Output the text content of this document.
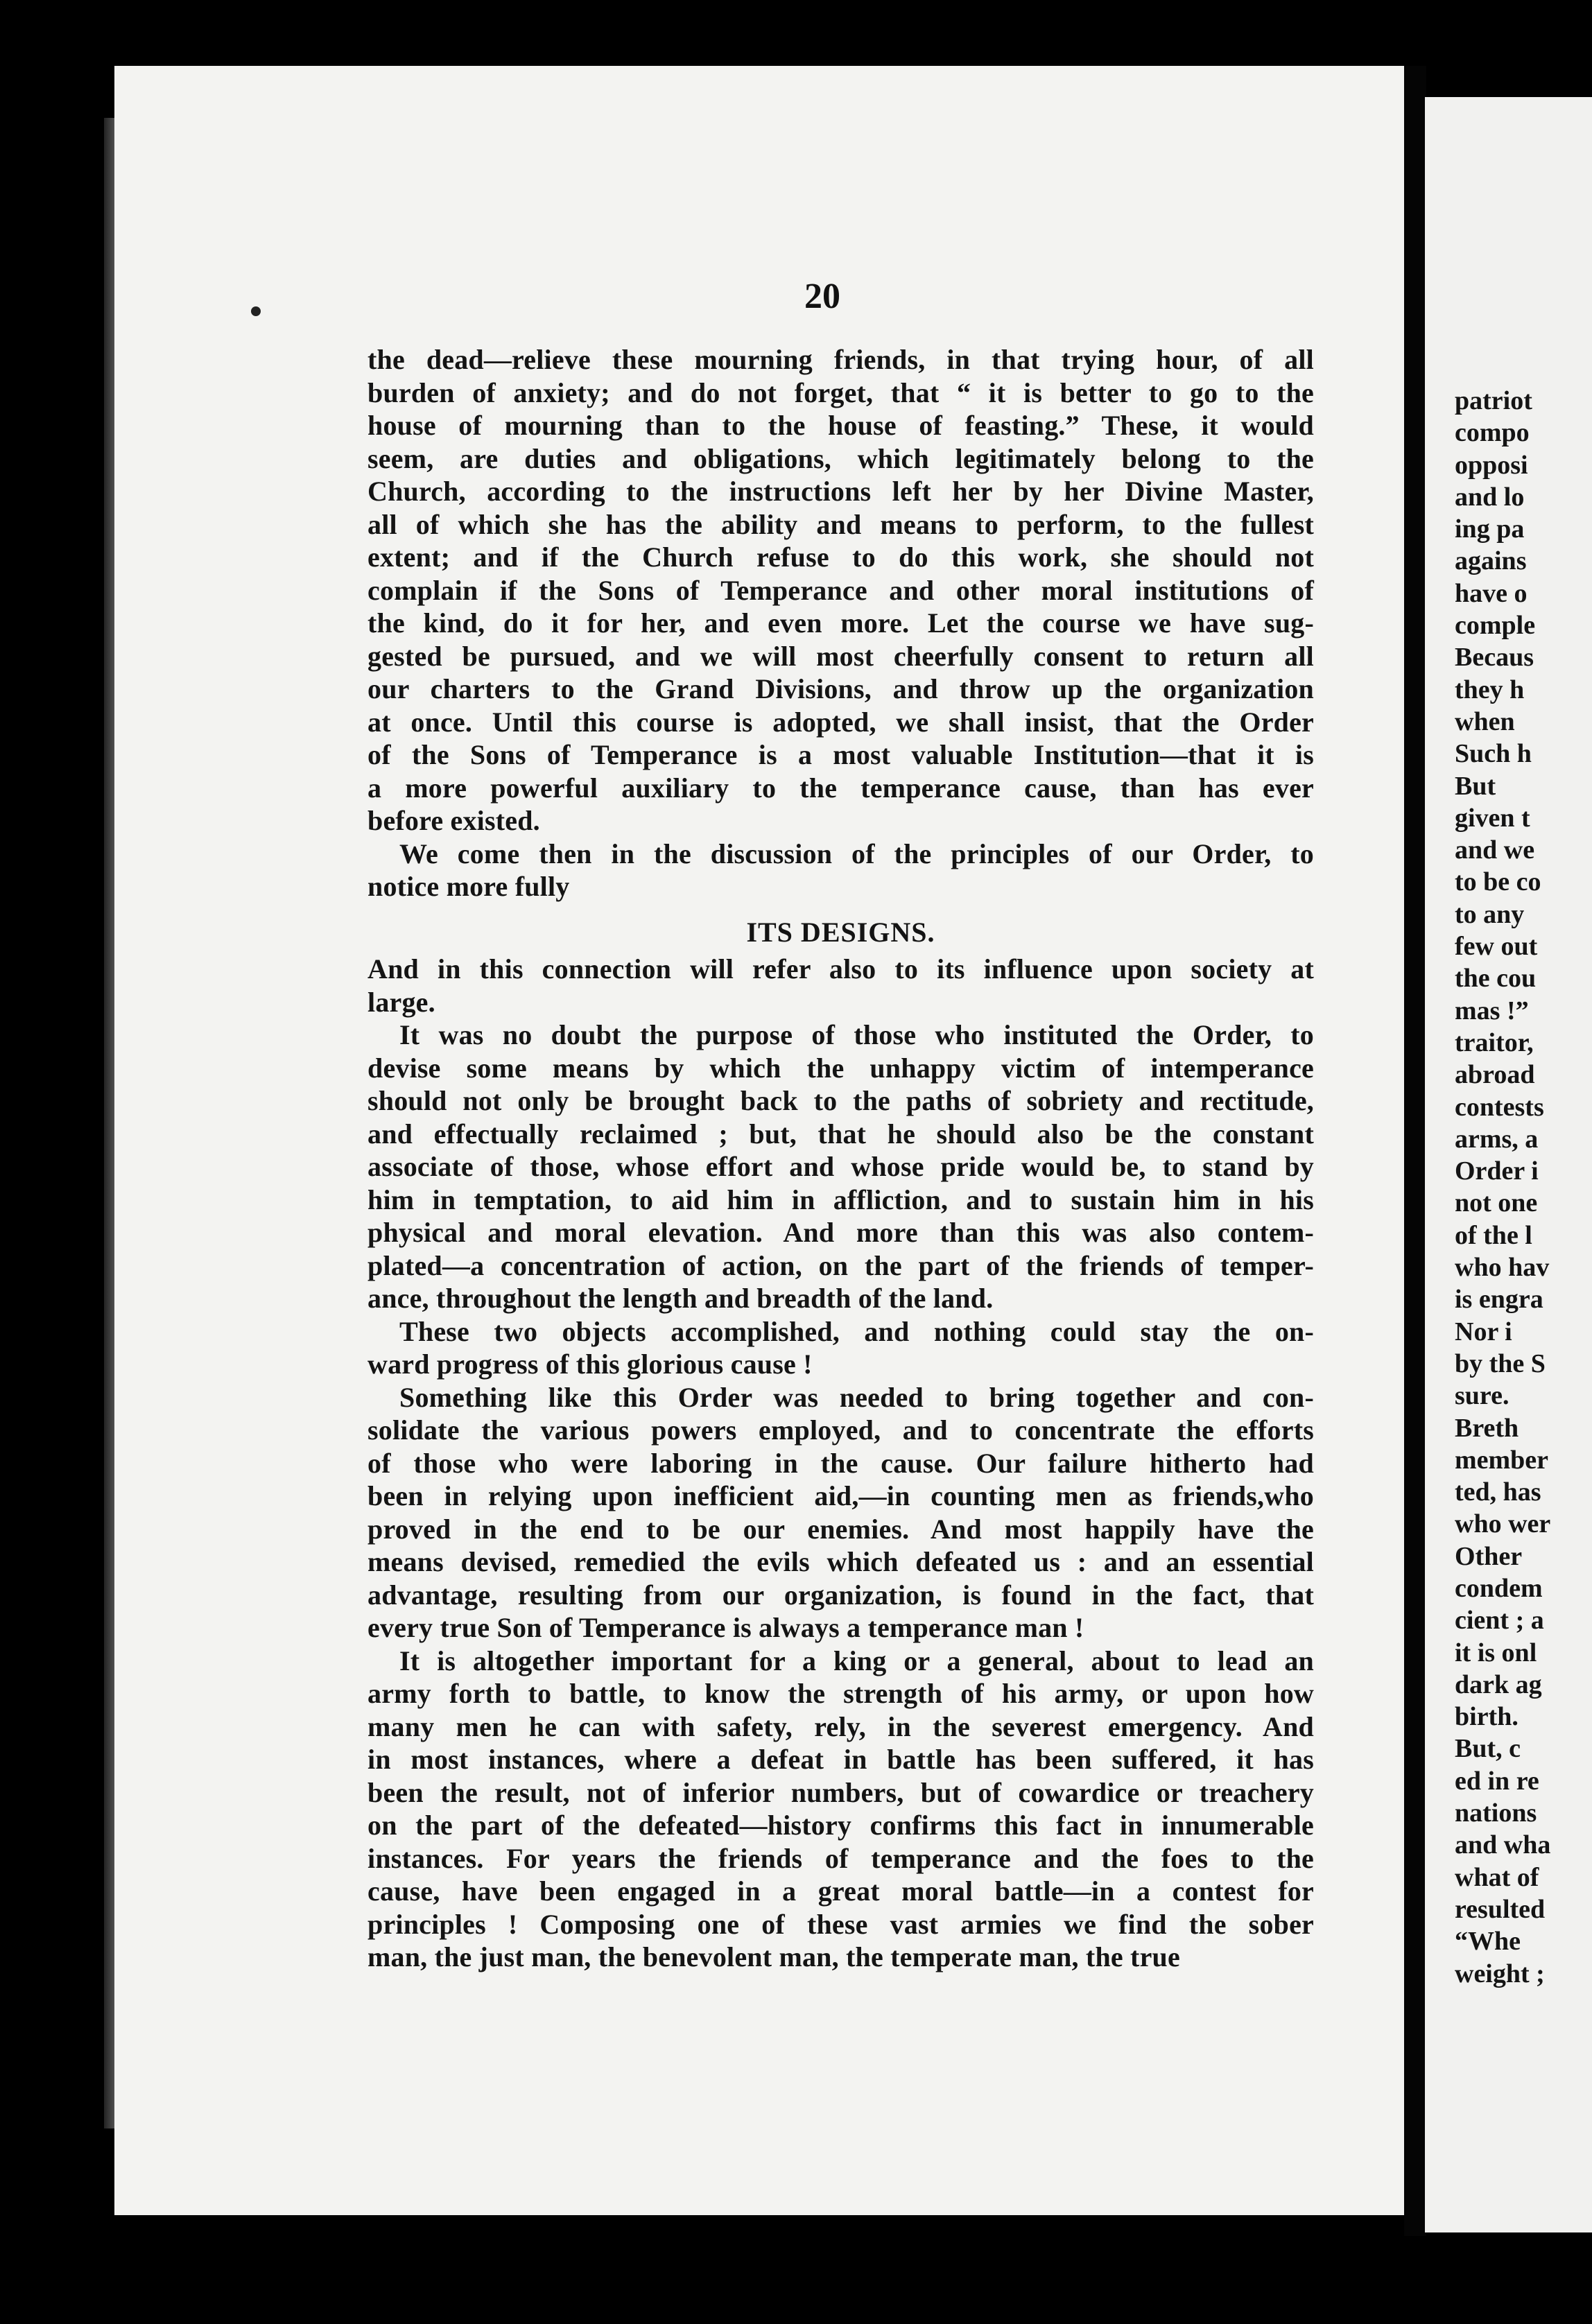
20
the dead—relieve these mourning friends, in that trying hour, of all
burden of anxiety; and do not forget, that “ it is better to go to the
house of mourning than to the house of feasting.” These, it would
seem, are duties and obligations, which legitimately belong to the
Church, according to the instructions left her by her Divine Master,
all of which she has the ability and means to perform, to the fullest
extent; and if the Church refuse to do this work, she should not
complain if the Sons of Temperance and other moral institutions of
the kind, do it for her, and even more. Let the course we have sug-
gested be pursued, and we will most cheerfully consent to return all
our charters to the Grand Divisions, and throw up the organization
at once. Until this course is adopted, we shall insist, that the Order
of the Sons of Temperance is a most valuable Institution—that it is
a more powerful auxiliary to the temperance cause, than has ever
before existed.
We come then in the discussion of the principles of our Order, to
notice more fully
ITS DESIGNS.
And in this connection will refer also to its influence upon society at
large.
It was no doubt the purpose of those who instituted the Order, to
devise some means by which the unhappy victim of intemperance
should not only be brought back to the paths of sobriety and rectitude,
and effectually reclaimed ; but, that he should also be the constant
associate of those, whose effort and whose pride would be, to stand by
him in temptation, to aid him in affliction, and to sustain him in his
physical and moral elevation. And more than this was also contem-
plated—a concentration of action, on the part of the friends of temper-
ance, throughout the length and breadth of the land.
These two objects accomplished, and nothing could stay the on-
ward progress of this glorious cause !
Something like this Order was needed to bring together and con-
solidate the various powers employed, and to concentrate the efforts
of those who were laboring in the cause. Our failure hitherto had
been in relying upon inefficient aid,—in counting men as friends,who
proved in the end to be our enemies. And most happily have the
means devised, remedied the evils which defeated us : and an essential
advantage, resulting from our organization, is found in the fact, that
every true Son of Temperance is always a temperance man !
It is altogether important for a king or a general, about to lead an
army forth to battle, to know the strength of his army, or upon how
many men he can with safety, rely, in the severest emergency. And
in most instances, where a defeat in battle has been suffered, it has
been the result, not of inferior numbers, but of cowardice or treachery
on the part of the defeated—history confirms this fact in innumerable
instances. For years the friends of temperance and the foes to the
cause, have been engaged in a great moral battle—in a contest for
principles ! Composing one of these vast armies we find the sober
man, the just man, the benevolent man, the temperate man, the true
patriot
compo
opposi
and lo
ing pa
agains
have o
comple
Becaus
they h
when
Such h
But
given t
and we
to be co
to any
few out
the cou
mas !”
traitor,
abroad
contests
arms, a
Order i
not one
of the l
who hav
is engra
Nor i
by the S
sure.
Breth
member
ted, has
who wer
Other
condem
cient ; a
it is onl
dark ag
birth.
But, c
ed in re
nations
and wha
what of
resulted
“Whe
weight ;
